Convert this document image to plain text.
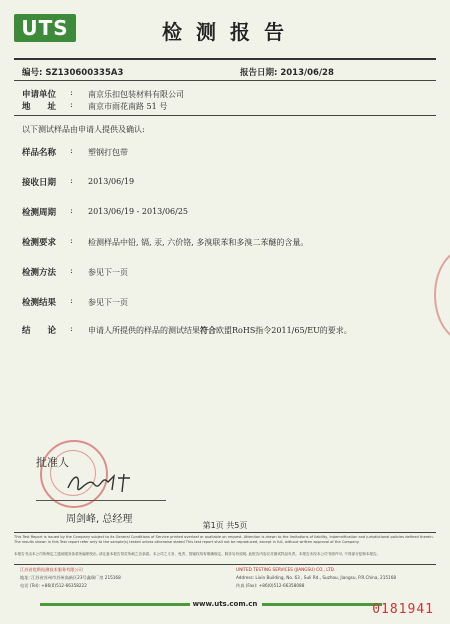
UTS	检测报告
编号: SZ130600335A3	报告日期: 2013/06/28
申请单位 : 南京乐扣包装材料有限公司
地　　址 : 南京市雨花南路 51 号
以下测试样品由申请人提供及确认:
样品名称 : 塑钢打包带
接收日期 : 2013/06/19
检测周期 : 2013/06/19 - 2013/06/25
检测要求 : 检测样品中铅, 镉, 汞, 六价铬, 多溴联苯和多溴二苯醚的含量。
检测方法 : 参见下一页
检测结果 : 参见下一页
结　　论 : 申请人所提供的样品的测试结果符合欧盟RoHS指令2011/65/EU的要求。
批准人
周剑峰, 总经理
第1页 共5页
This Test Report is issued by the Company subject to its General Conditions of Service printed overleaf or available on request. Attention is drawn to the limitations of liability, indemnification and jurisdictional policies defined therein. The results shown in this Test report refer only to the sample(s) tested unless otherwise stated This test report shall not be reproduced, except in full, without written approval of the Company.
本报告书由本公司所制定之通用服务条款所编制发出, 请注意本报告背页所载之各条款。本公司之义务、免责、管辖权均有明确规定。除非另有说明, 此报告内容仅对测试样品负责。本报告未经本公司书面许可, 不得部分复制本报告。
江苏省优斯检测技术服务有限公司
地址: 江苏省苏州市苏州高新区23号鑫瑞厂房 215168
电话 (Tel): +86(0)512-66358222
UNITED TESTING SERVICES (JIANGSU) CO., LTD.
Address: Lixin Building, No. 63 , Suli Rd., Suzhou, Jiangsu, P.R.China, 215168
传真 (Fax): +86(0)512-66358088
www.uts.com.cn	0181941
